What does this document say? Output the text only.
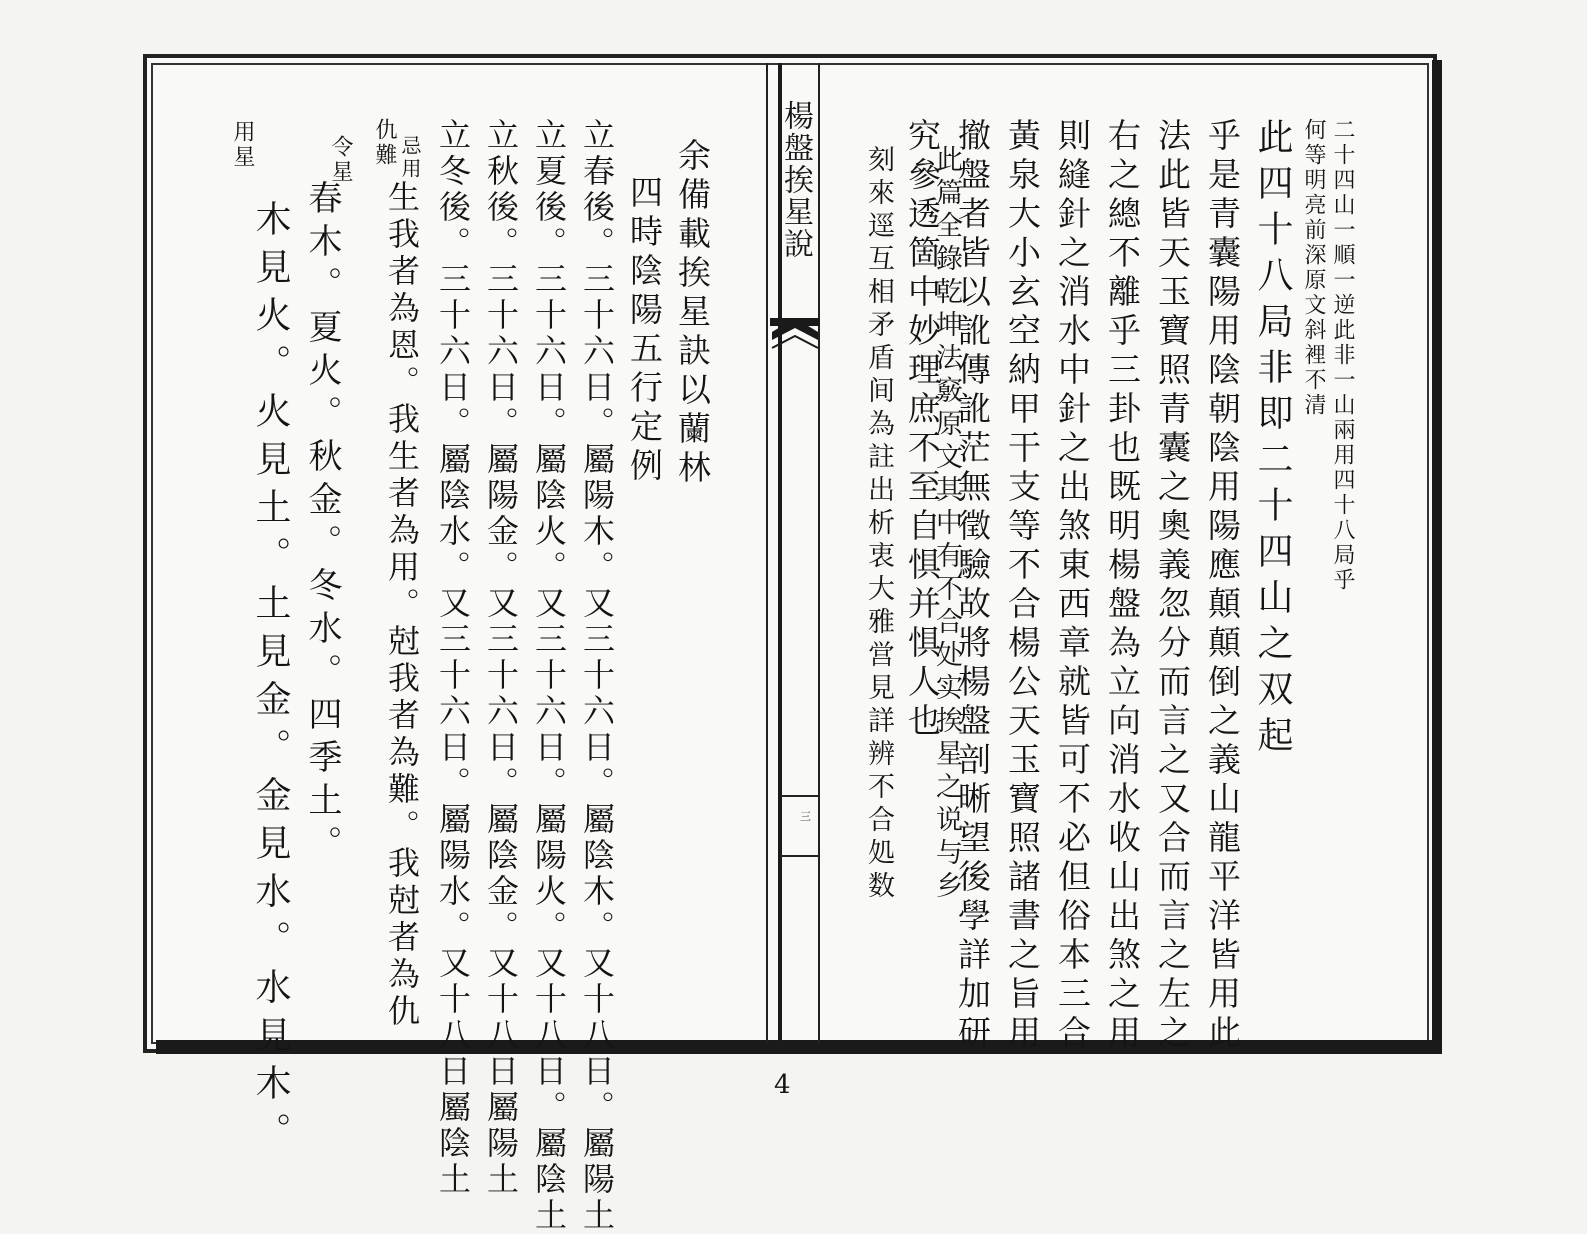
楊盤挨星說
三
二十四山一順一逆此非一山兩用四十八局乎
何等明亮前深原文斜裡不清
此四十八局非即二十四山之双起
乎是青囊陽用陰朝陰用陽應顛顛倒之義山龍平洋皆用此
法此皆天玉寶照青囊之奧義忽分而言之又合而言之左之
右之總不離乎三卦也既明楊盤為立向消水收山出煞之用
則縫針之消水中針之出煞東西章就皆可不必但俗本三合
黃泉大小玄空納甲干支等不合楊公天玉寶照諸書之旨用
撤盤者皆以訛傳訛茫無徵驗故將楊盤剖晰望後學詳加研
究參透箇中妙理庶不至自惧并惧人也
此篇全錄乾坤法竅原文其中有不合处实挨星之说与乡
刻來逕互相矛盾间為註出析衷大雅営見詳辨不合処数
余備載挨星訣以蘭林
四時陰陽五行定例
立春後。三十六日。屬陽木。又三十六日。屬陰木。又十八日。屬陽土
立夏後。三十六日。屬陰火。又三十六日。屬陽火。又十八日。屬陰土
立秋後。三十六日。屬陽金。又三十六日。屬陰金。又十八日屬陽土
立冬後。三十六日。屬陰水。又三十六日。屬陽水。又十八日屬陰土
忌用
仇難
生我者為恩。我生者為用。尅我者為難。我尅者為仇
令星
春木。夏火。秋金。冬水。四季土。
用星
木見火。火見土。土見金。金見水。水見木。	4
